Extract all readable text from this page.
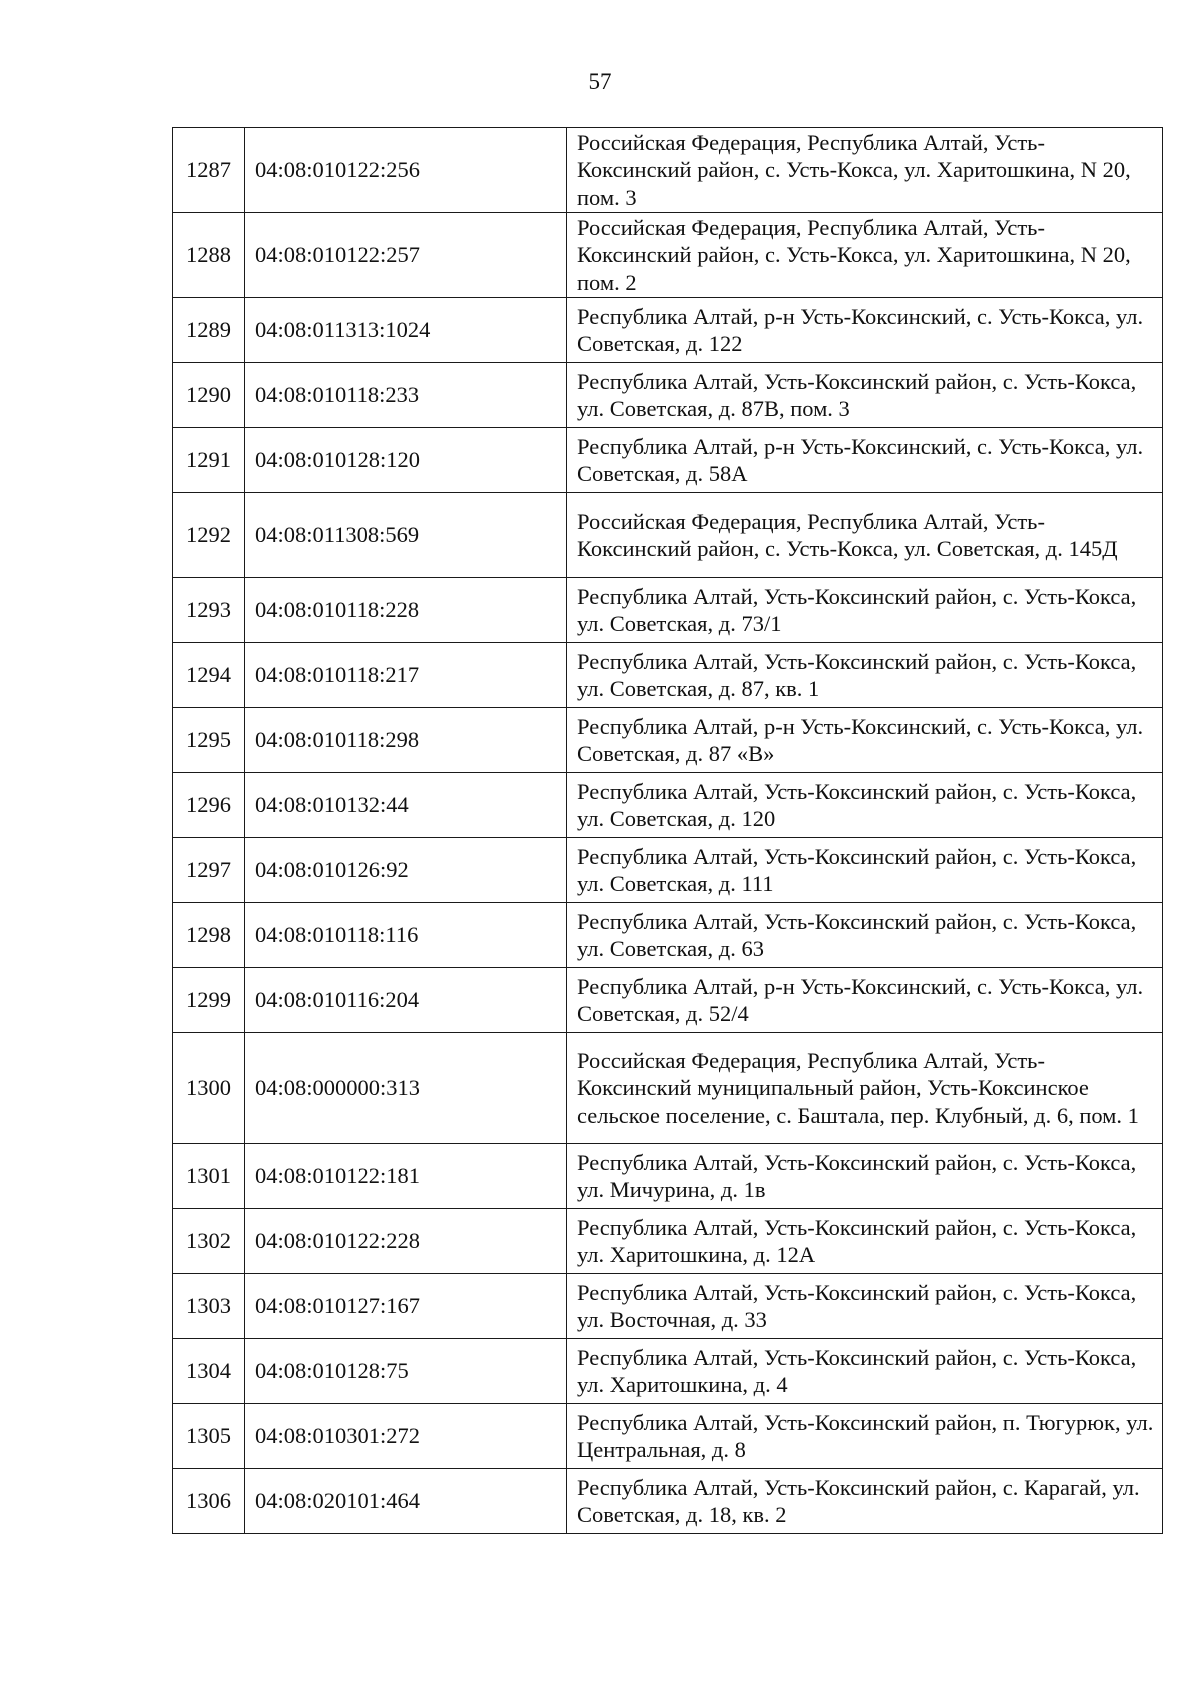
57
1287	04:08:010122:256	Российская Федерация, Республика Алтай, Усть-Коксинский район, с. Усть-Кокса, ул. Харитошкина, N 20, пом. 3
1288	04:08:010122:257	Российская Федерация, Республика Алтай, Усть-Коксинский район, с. Усть-Кокса, ул. Харитошкина, N 20, пом. 2
1289	04:08:011313:1024	Республика Алтай, р-н Усть-Коксинский, с. Усть-Кокса, ул. Советская, д. 122
1290	04:08:010118:233	Республика Алтай, Усть-Коксинский район, с. Усть-Кокса, ул. Советская, д. 87В, пом. 3
1291	04:08:010128:120	Республика Алтай, р-н Усть-Коксинский, с. Усть-Кокса, ул. Советская, д. 58А
1292	04:08:011308:569	Российская Федерация, Республика Алтай, Усть-Коксинский район, с. Усть-Кокса, ул. Советская, д. 145Д
1293	04:08:010118:228	Республика Алтай, Усть-Коксинский район, с. Усть-Кокса, ул. Советская, д. 73/1
1294	04:08:010118:217	Республика Алтай, Усть-Коксинский район, с. Усть-Кокса, ул. Советская, д. 87, кв. 1
1295	04:08:010118:298	Республика Алтай, р-н Усть-Коксинский, с. Усть-Кокса, ул. Советская, д. 87 «В»
1296	04:08:010132:44	Республика Алтай, Усть-Коксинский район, с. Усть-Кокса, ул. Советская, д. 120
1297	04:08:010126:92	Республика Алтай, Усть-Коксинский район, с. Усть-Кокса, ул. Советская, д. 111
1298	04:08:010118:116	Республика Алтай, Усть-Коксинский район, с. Усть-Кокса, ул. Советская, д. 63
1299	04:08:010116:204	Республика Алтай, р-н Усть-Коксинский, с. Усть-Кокса, ул. Советская, д. 52/4
1300	04:08:000000:313	Российская Федерация, Республика Алтай, Усть-Коксинский муниципальный район, Усть-Коксинское сельское поселение, с. Баштала, пер. Клубный, д. 6, пом. 1
1301	04:08:010122:181	Республика Алтай, Усть-Коксинский район, с. Усть-Кокса, ул. Мичурина, д. 1в
1302	04:08:010122:228	Республика Алтай, Усть-Коксинский район, с. Усть-Кокса, ул. Харитошкина, д. 12А
1303	04:08:010127:167	Республика Алтай, Усть-Коксинский район, с. Усть-Кокса, ул. Восточная, д. 33
1304	04:08:010128:75	Республика Алтай, Усть-Коксинский район, с. Усть-Кокса, ул. Харитошкина, д. 4
1305	04:08:010301:272	Республика Алтай, Усть-Коксинский район, п. Тюгурюк, ул. Центральная, д. 8
1306	04:08:020101:464	Республика Алтай, Усть-Коксинский район, с. Карагай, ул. Советская, д. 18, кв. 2
